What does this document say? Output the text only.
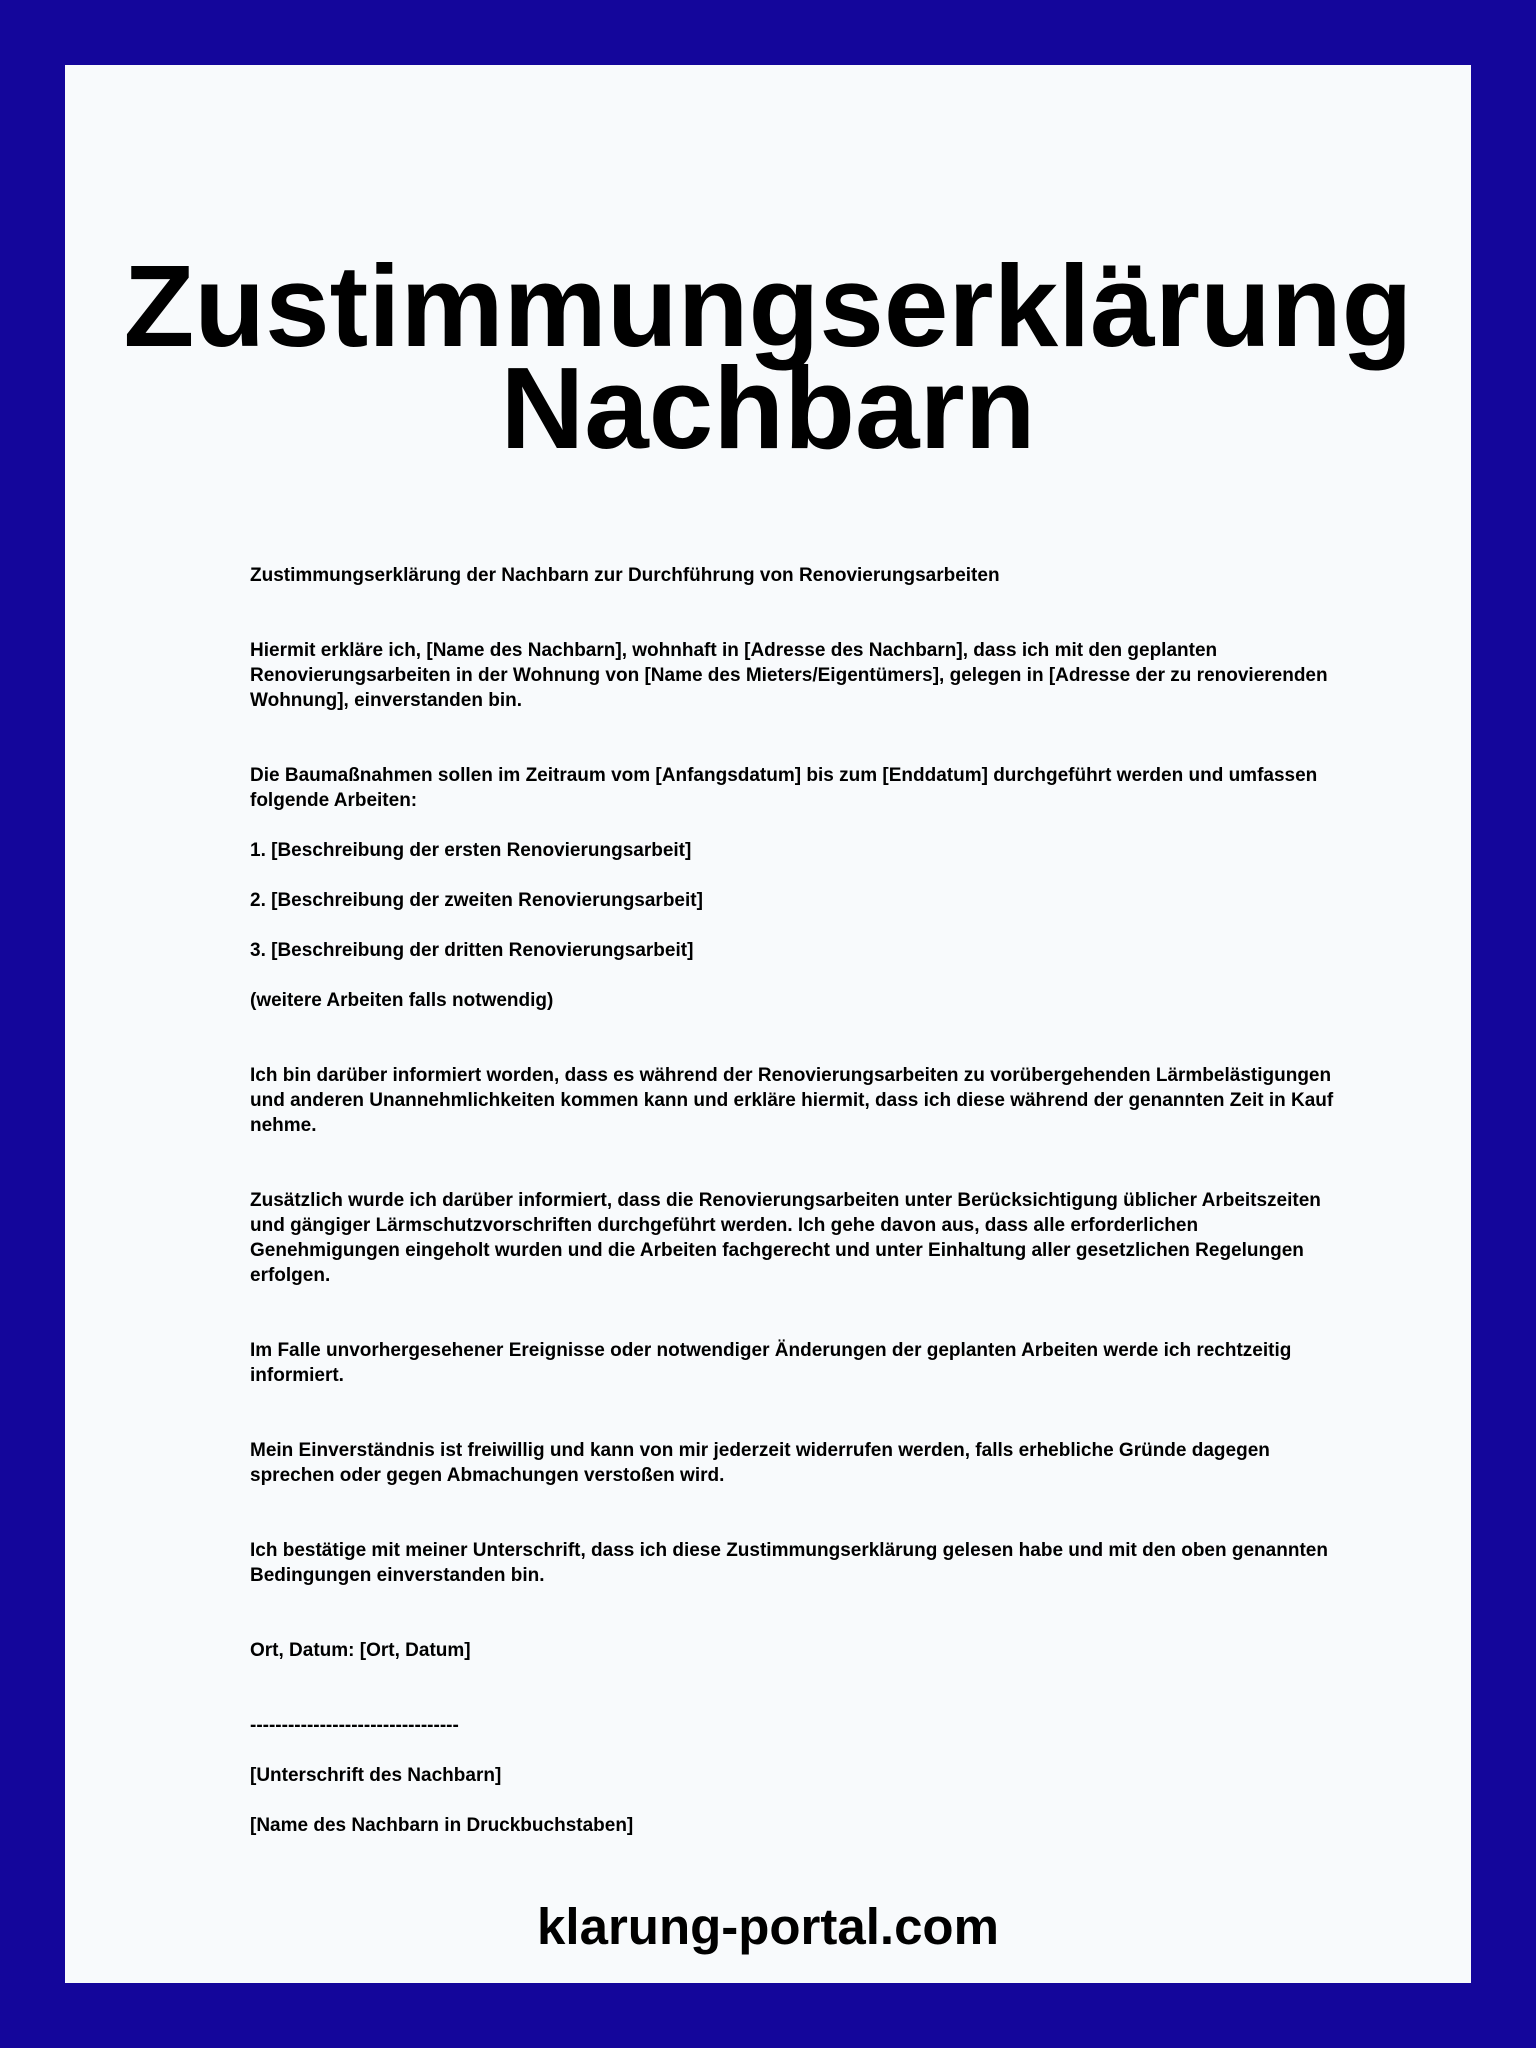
Zustimmungserklärung
Nachbarn

Zustimmungserklärung der Nachbarn zur Durchführung von Renovierungsarbeiten

Hiermit erkläre ich, [Name des Nachbarn], wohnhaft in [Adresse des Nachbarn], dass ich mit den geplanten Renovierungsarbeiten in der Wohnung von [Name des Mieters/Eigentümers], gelegen in [Adresse der zu renovierenden Wohnung], einverstanden bin.

Die Baumaßnahmen sollen im Zeitraum vom [Anfangsdatum] bis zum [Enddatum] durchgeführt werden und umfassen folgende Arbeiten:

1. [Beschreibung der ersten Renovierungsarbeit]

2. [Beschreibung der zweiten Renovierungsarbeit]

3. [Beschreibung der dritten Renovierungsarbeit]

(weitere Arbeiten falls notwendig)

Ich bin darüber informiert worden, dass es während der Renovierungsarbeiten zu vorübergehenden Lärmbelästigungen und anderen Unannehmlichkeiten kommen kann und erkläre hiermit, dass ich diese während der genannten Zeit in Kauf nehme.

Zusätzlich wurde ich darüber informiert, dass die Renovierungsarbeiten unter Berücksichtigung üblicher Arbeitszeiten und gängiger Lärmschutzvorschriften durchgeführt werden. Ich gehe davon aus, dass alle erforderlichen Genehmigungen eingeholt wurden und die Arbeiten fachgerecht und unter Einhaltung aller gesetzlichen Regelungen erfolgen.

Im Falle unvorhergesehener Ereignisse oder notwendiger Änderungen der geplanten Arbeiten werde ich rechtzeitig informiert.

Mein Einverständnis ist freiwillig und kann von mir jederzeit widerrufen werden, falls erhebliche Gründe dagegen sprechen oder gegen Abmachungen verstoßen wird.

Ich bestätige mit meiner Unterschrift, dass ich diese Zustimmungserklärung gelesen habe und mit den oben genannten Bedingungen einverstanden bin.

Ort, Datum: [Ort, Datum]

---------------------------------

[Unterschrift des Nachbarn]

[Name des Nachbarn in Druckbuchstaben]

klarung-portal.com
